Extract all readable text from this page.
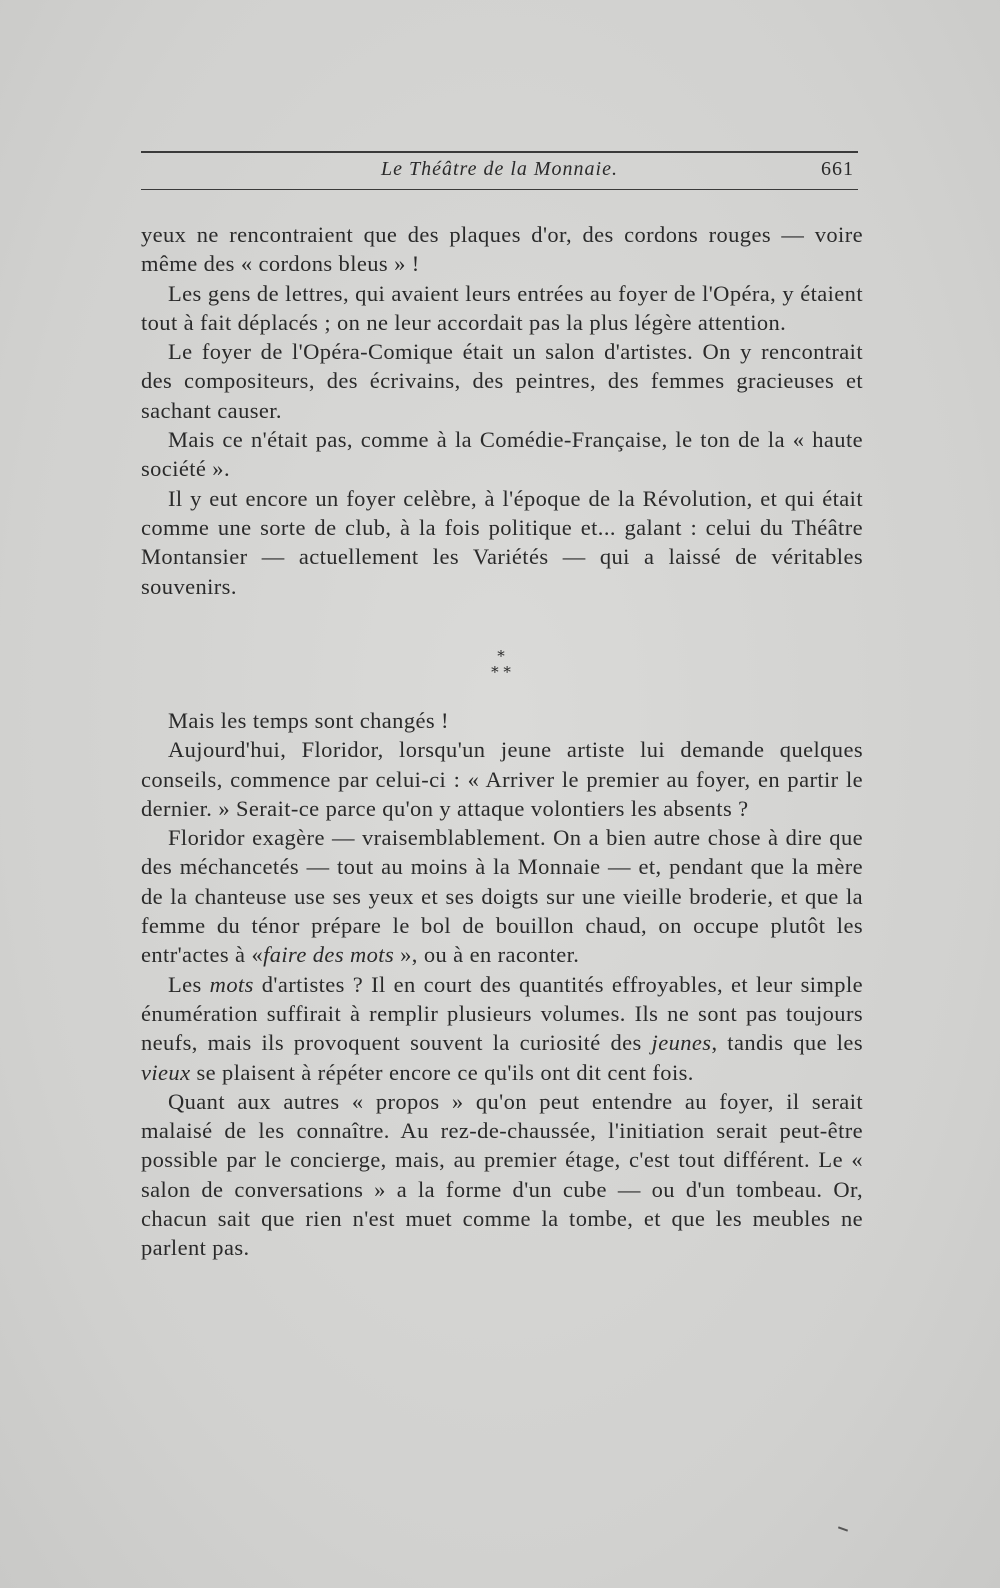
Le Théâtre de la Monnaie.	661

yeux ne rencontraient que des plaques d'or, des cordons rouges — voire même des « cordons bleus » !

Les gens de lettres, qui avaient leurs entrées au foyer de l'Opéra, y étaient tout à fait déplacés ; on ne leur accordait pas la plus légère attention.

Le foyer de l'Opéra-Comique était un salon d'artistes. On y rencontrait des compositeurs, des écrivains, des peintres, des femmes gracieuses et sachant causer.

Mais ce n'était pas, comme à la Comédie-Française, le ton de la « haute société ».

Il y eut encore un foyer celèbre, à l'époque de la Révolution, et qui était comme une sorte de club, à la fois politique et... galant : celui du Théâtre Montansier — actuellement les Variétés — qui a laissé de véritables souvenirs.

*
* *

Mais les temps sont changés !

Aujourd'hui, Floridor, lorsqu'un jeune artiste lui demande quelques conseils, commence par celui-ci : « Arriver le premier au foyer, en partir le dernier. » Serait-ce parce qu'on y attaque volontiers les absents ?

Floridor exagère — vraisemblablement. On a bien autre chose à dire que des méchancetés — tout au moins à la Monnaie — et, pendant que la mère de la chanteuse use ses yeux et ses doigts sur une vieille broderie, et que la femme du ténor prépare le bol de bouillon chaud, on occupe plutôt les entr'actes à «faire des mots », ou à en raconter.

Les mots d'artistes ? Il en court des quantités effroyables, et leur simple énumération suffirait à remplir plusieurs volumes. Ils ne sont pas toujours neufs, mais ils provoquent souvent la curiosité des jeunes, tandis que les vieux se plaisent à répéter encore ce qu'ils ont dit cent fois.

Quant aux autres « propos » qu'on peut entendre au foyer, il serait malaisé de les connaître. Au rez-de-chaussée, l'initiation serait peut-être possible par le concierge, mais, au premier étage, c'est tout différent. Le « salon de conversations » a la forme d'un cube — ou d'un tombeau. Or, chacun sait que rien n'est muet comme la tombe, et que les meubles ne parlent pas.
